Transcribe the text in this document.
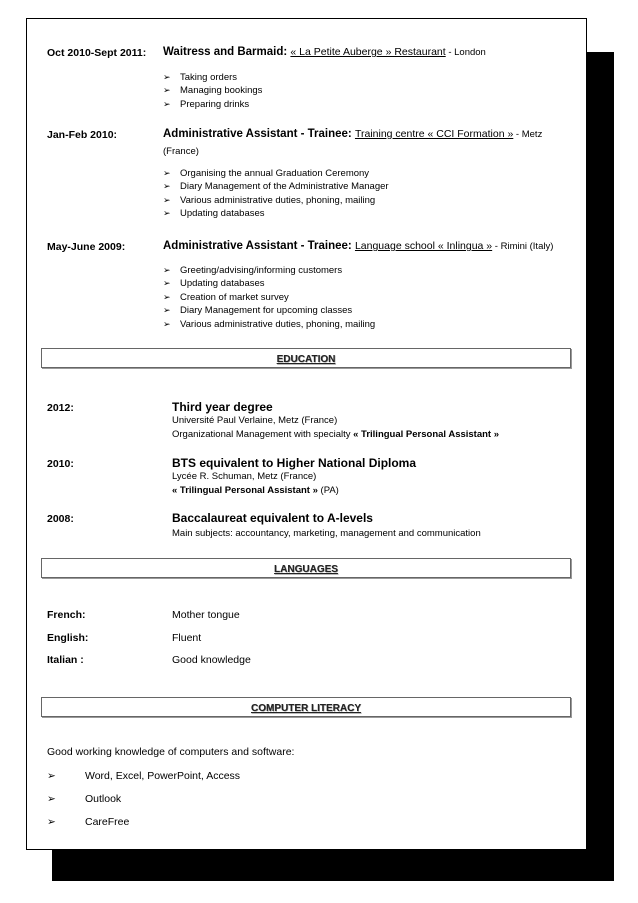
Oct 2010-Sept 2011: Waitress and Barmaid: « La Petite Auberge » Restaurant - London
➢ Taking orders
➢ Managing bookings
➢ Preparing drinks
Jan-Feb 2010:	Administrative Assistant - Trainee: Training centre « CCI Formation » - Metz
(France)
➢ Organising the annual Graduation Ceremony
➢ Diary Management of the Administrative Manager
➢ Various administrative duties, phoning, mailing
➢ Updating databases
May-June 2009:	Administrative Assistant - Trainee: Language school « Inlingua » - Rimini (Italy)
➢ Greeting/advising/informing customers
➢ Updating databases
➢ Creation of market survey
➢ Diary Management for upcoming classes
➢ Various administrative duties, phoning, mailing
EDUCATION
2012:	Third year degree
Université Paul Verlaine, Metz (France)
Organizational Management with specialty « Trilingual Personal Assistant »
2010:	BTS equivalent to Higher National Diploma
Lycée R. Schuman, Metz (France)
« Trilingual Personal Assistant » (PA)
2008:	Baccalaureat equivalent to A-levels
Main subjects: accountancy, marketing, management and communication
LANGUAGES
French:	Mother tongue
English:	Fluent
Italian :	Good knowledge
COMPUTER LITERACY
Good working knowledge of computers and software:
➢	Word, Excel, PowerPoint, Access
➢	Outlook
➢	CareFree
